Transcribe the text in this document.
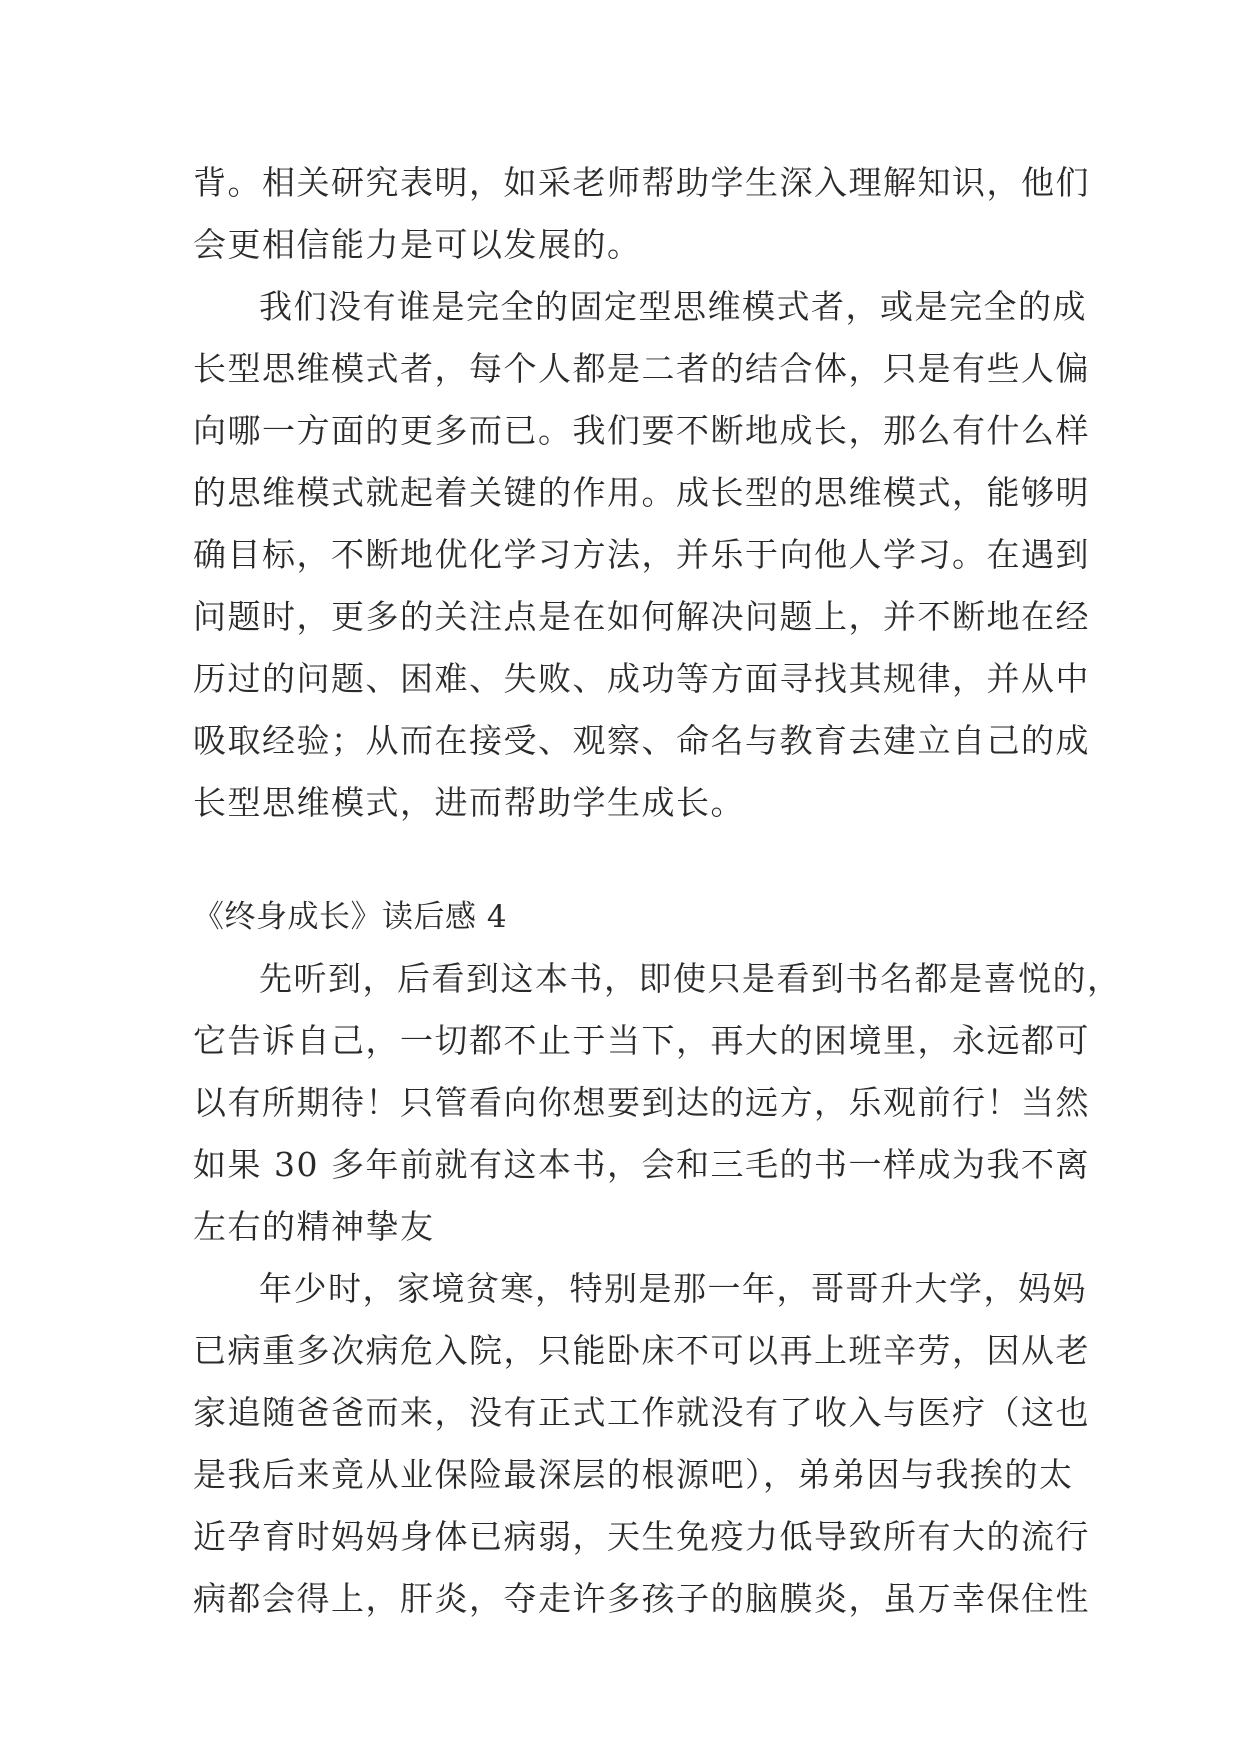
背。相关研究表明，如采老师帮助学生深入理解知识，他们
会更相信能力是可以发展的。
我们没有谁是完全的固定型思维模式者，或是完全的成
长型思维模式者，每个人都是二者的结合体，只是有些人偏
向哪一方面的更多而已。我们要不断地成长，那么有什么样
的思维模式就起着关键的作用。成长型的思维模式，能够明
确目标，不断地优化学习方法，并乐于向他人学习。在遇到
问题时，更多的关注点是在如何解决问题上，并不断地在经
历过的问题、困难、失败、成功等方面寻找其规律，并从中
吸取经验；从而在接受、观察、命名与教育去建立自己的成
长型思维模式，进而帮助学生成长。
《终身成长》读后感 4
先听到，后看到这本书，即使只是看到书名都是喜悦的，
它告诉自己，一切都不止于当下，再大的困境里，永远都可
以有所期待！只管看向你想要到达的远方，乐观前行！当然
如果 30 多年前就有这本书，会和三毛的书一样成为我不离
左右的精神挚友
年少时，家境贫寒，特别是那一年，哥哥升大学，妈妈
已病重多次病危入院，只能卧床不可以再上班辛劳，因从老
家追随爸爸而来，没有正式工作就没有了收入与医疗（这也
是我后来竟从业保险最深层的根源吧），弟弟因与我挨的太
近孕育时妈妈身体已病弱，天生免疫力低导致所有大的流行
病都会得上，肝炎，夺走许多孩子的脑膜炎，虽万幸保住性
